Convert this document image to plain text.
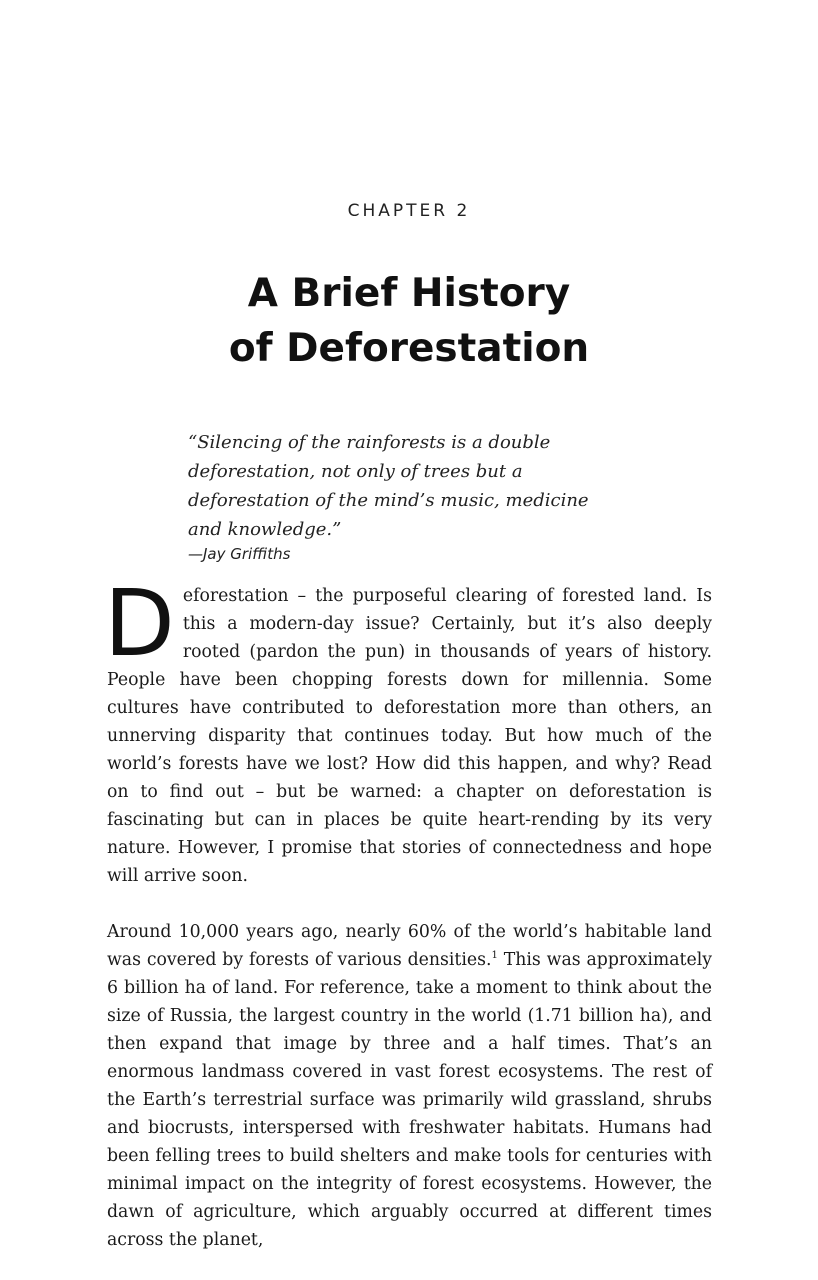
CHAPTER 2
A Brief History
of Deforestation

“Silencing of the rainforests is a double deforestation, not only of trees but a deforestation of the mind’s music, medicine and knowledge.”

—Jay Griffiths

Deforestation – the purposeful clearing of forested land. Is this a modern-day issue? Certainly, but it’s also deeply rooted (pardon the pun) in thousands of years of history. People have been chopping forests down for millennia. Some cultures have contributed to deforestation more than others, an unnerving disparity that continues today. But how much of the world’s forests have we lost? How did this happen, and why? Read on to find out – but be warned: a chapter on deforestation is fascinating but can in places be quite heart-rending by its very nature. However, I promise that stories of connectedness and hope will arrive soon.

Around 10,000 years ago, nearly 60% of the world’s habitable land was covered by forests of various densities.$^1$ This was approximately 6 billion ha of land. For reference, take a moment to think about the size of Russia, the largest country in the world (1.71 billion ha), and then expand that image by three and a half times. That’s an enormous landmass covered in vast forest ecosystems. The rest of the Earth’s terrestrial surface was primarily wild grassland, shrubs and biocrusts, interspersed with freshwater habitats. Humans had been felling trees to build shelters and make tools for centuries with minimal impact on the integrity of forest ecosystems. However, the dawn of agriculture, which arguably occurred at different times across the planet,
